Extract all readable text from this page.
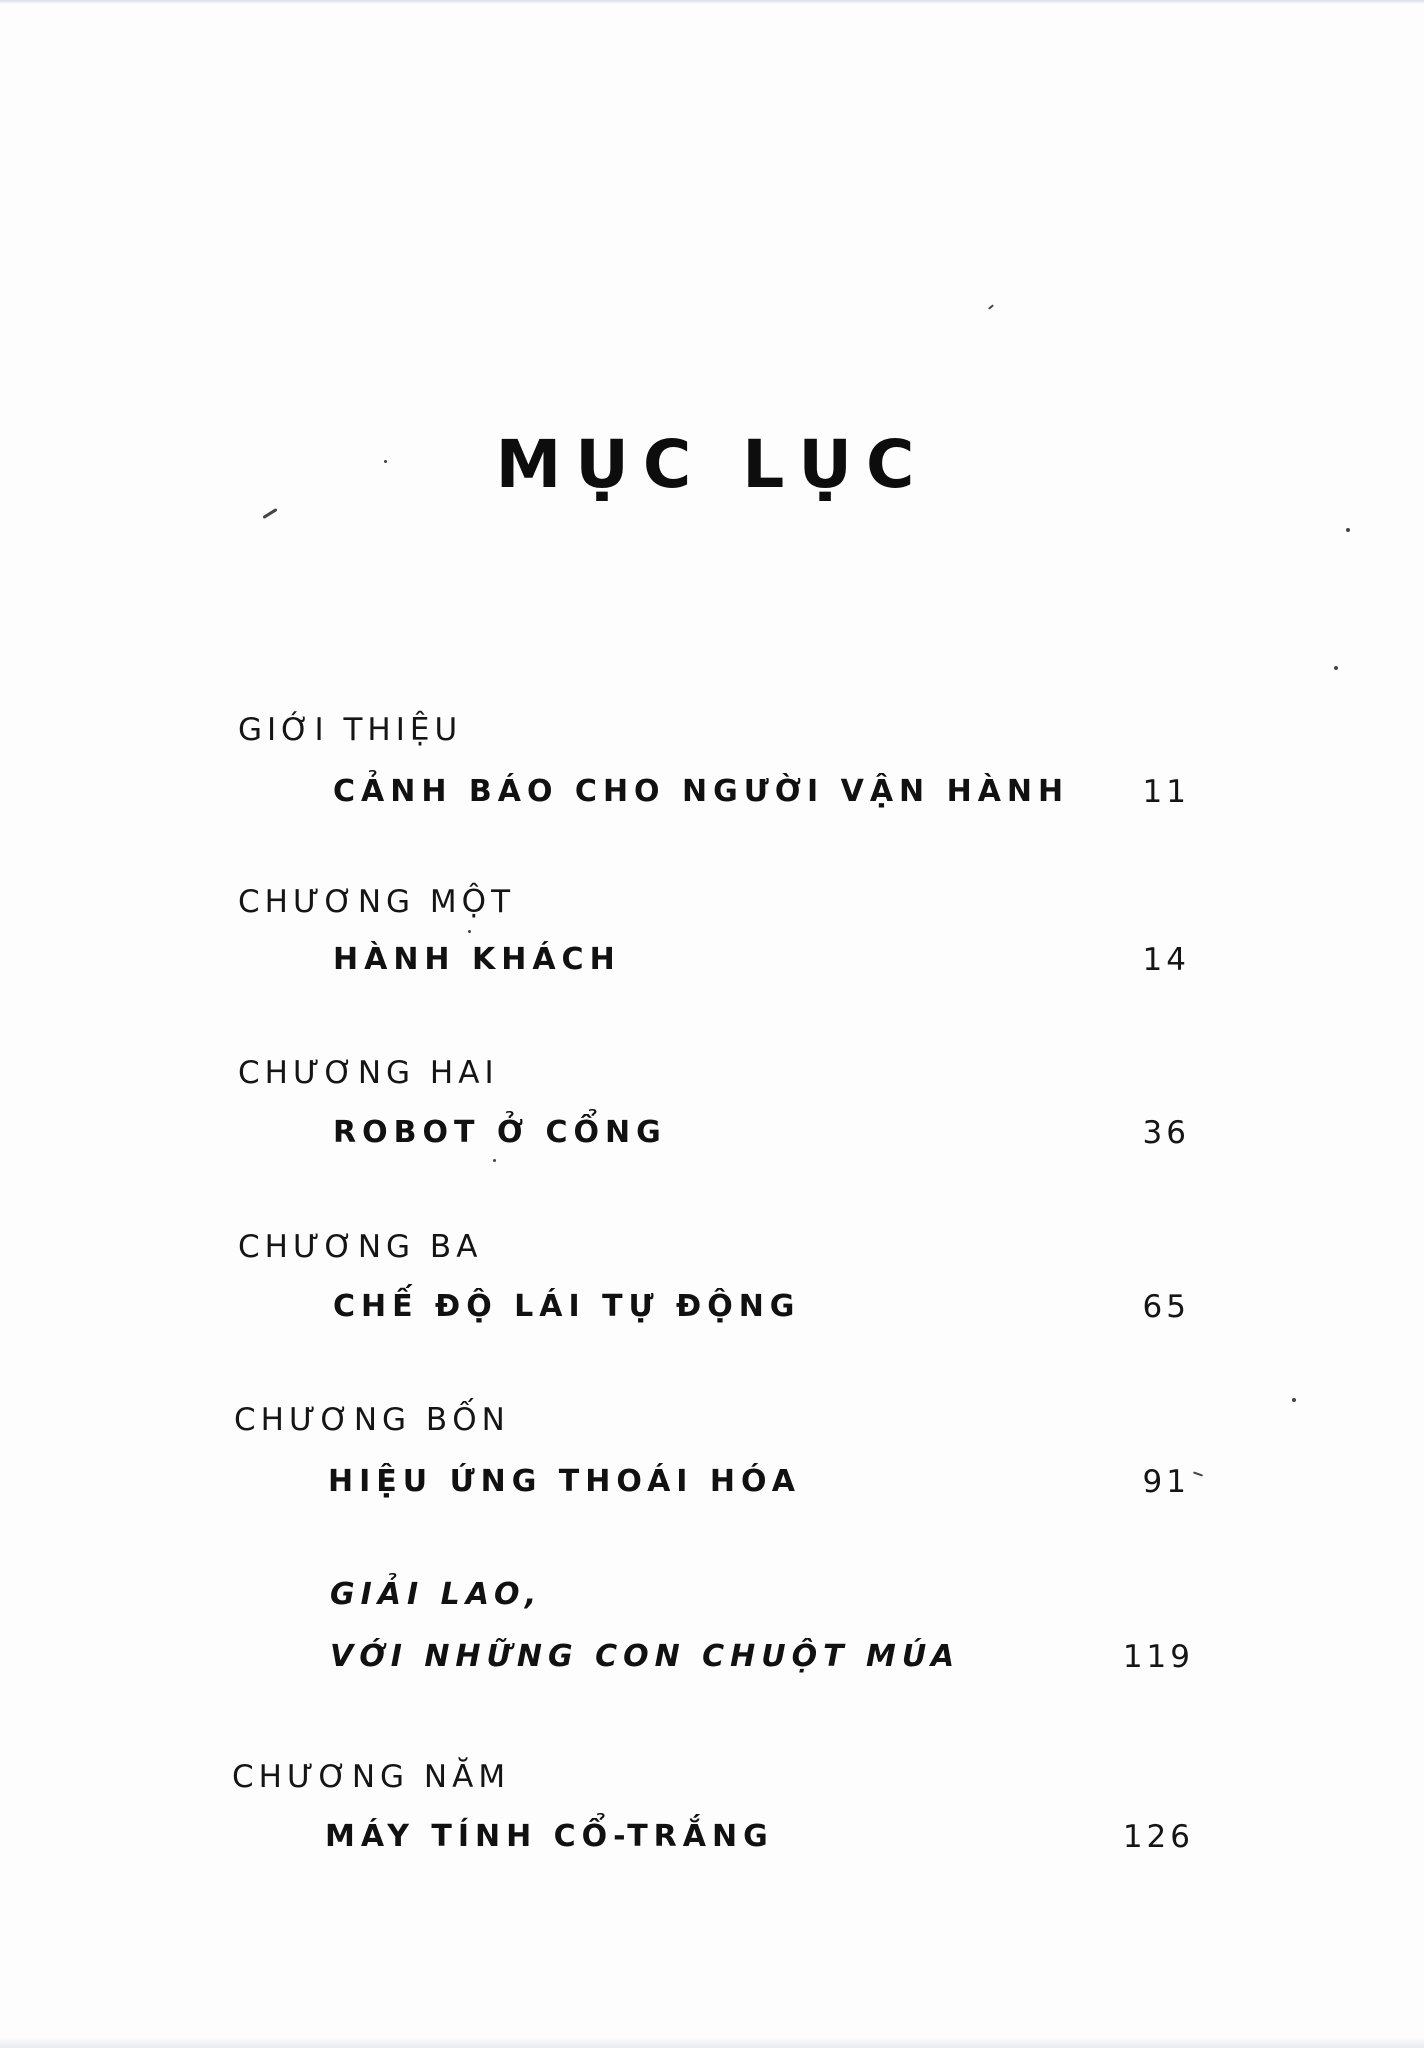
MỤC LỤC
GIỚI THIỆU
CẢNH BÁO CHO NGƯỜI VẬN HÀNH	11
CHƯƠNG MỘT
HÀNH KHÁCH	14
CHƯƠNG HAI
ROBOT Ở CỔNG	36
CHƯƠNG BA
CHẾ ĐỘ LÁI TỰ ĐỘNG	65
CHƯƠNG BỐN
HIỆU ỨNG THOÁI HÓA	91
GIẢI LAO,
VỚI NHỮNG CON CHUỘT MÚA	119
CHƯƠNG NĂM
MÁY TÍNH CỔ-TRẮNG	126
